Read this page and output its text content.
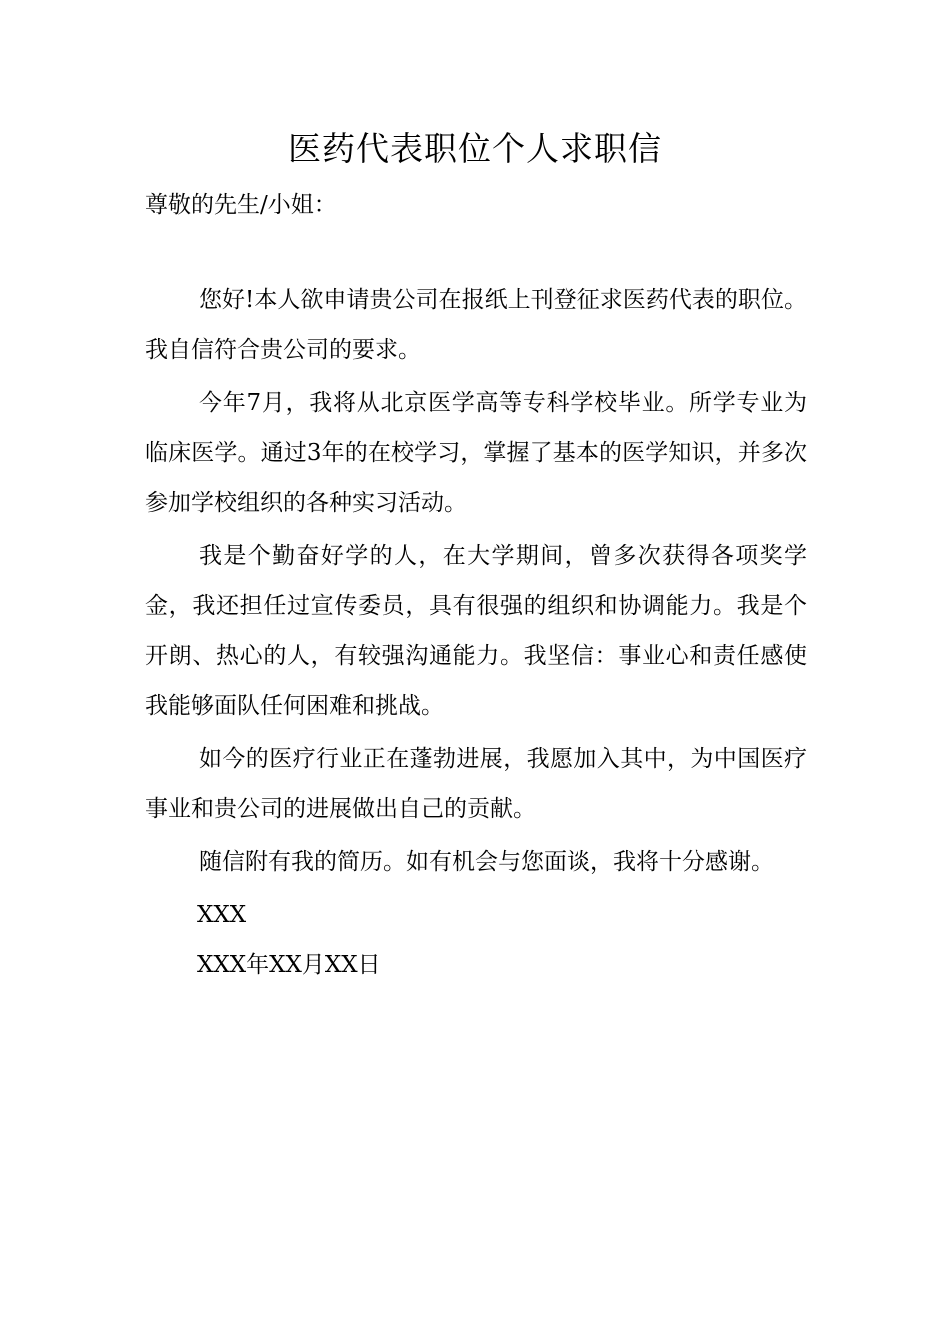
医药代表职位个人求职信

尊敬的先生/小姐：

您好!本人欲申请贵公司在报纸上刊登征求医药代表的职位。我自信符合贵公司的要求。

今年7月，我将从北京医学高等专科学校毕业。所学专业为临床医学。通过3年的在校学习，掌握了基本的医学知识，并多次参加学校组织的各种实习活动。

我是个勤奋好学的人，在大学期间，曾多次获得各项奖学金，我还担任过宣传委员，具有很强的组织和协调能力。我是个开朗、热心的人，有较强沟通能力。我坚信：事业心和责任感使我能够面队任何困难和挑战。

如今的医疗行业正在蓬勃进展，我愿加入其中，为中国医疗事业和贵公司的进展做出自己的贡献。

随信附有我的简历。如有机会与您面谈，我将十分感谢。

XXX

XXX年XX月XX日
